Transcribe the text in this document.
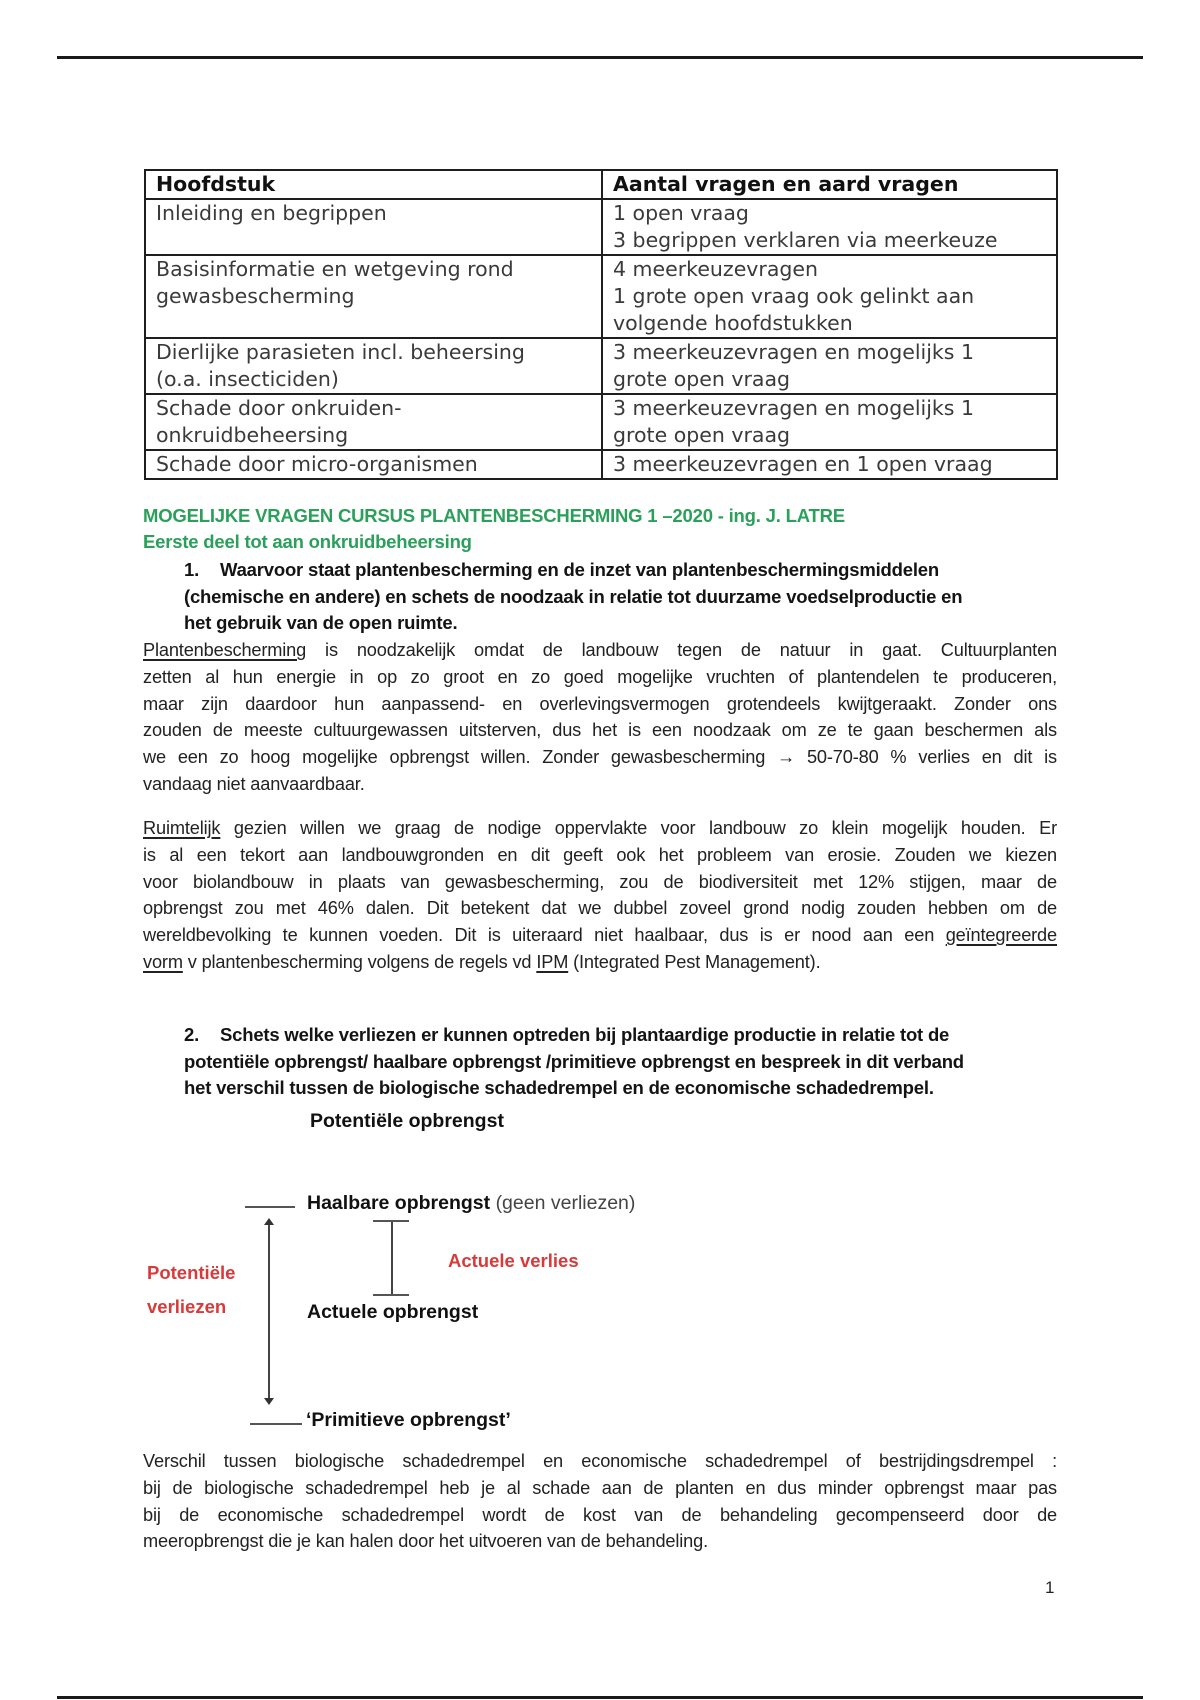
Hoofdstuk	Aantal vragen en aard vragen

Inleiding en begrippen	1 open vraag
3 begrippen verklaren via meerkeuze

Basisinformatie en wetgeving rond
gewasbescherming	4 meerkeuzevragen
1 grote open vraag ook gelinkt aan
volgende hoofdstukken

Dierlijke parasieten incl. beheersing
(o.a. insecticiden)	3 meerkeuzevragen en mogelijks 1
grote open vraag

Schade door onkruiden-
onkruidbeheersing	3 meerkeuzevragen en mogelijks 1
grote open vraag

Schade door micro-organismen	3 meerkeuzevragen en 1 open vraag
MOGELIJKE VRAGEN CURSUS PLANTENBESCHERMING 1 –2020 - ing. J. LATRE
Eerste deel tot aan onkruidbeheersing
1.	Waarvoor staat plantenbescherming en de inzet van plantenbeschermingsmiddelen
(chemische en andere) en schets de noodzaak in relatie tot duurzame voedselproductie en
het gebruik van de open ruimte.
Plantenbescherming is noodzakelijk omdat de landbouw tegen de natuur in gaat. Cultuurplanten
zetten al hun energie in op zo groot en zo goed mogelijke vruchten of plantendelen te produceren,
maar zijn daardoor hun aanpassend- en overlevingsvermogen grotendeels kwijtgeraakt. Zonder ons
zouden de meeste cultuurgewassen uitsterven, dus het is een noodzaak om ze te gaan beschermen als
we een zo hoog mogelijke opbrengst willen. Zonder gewasbescherming → 50-70-80 % verlies en dit is
vandaag niet aanvaardbaar.
Ruimtelijk gezien willen we graag de nodige oppervlakte voor landbouw zo klein mogelijk houden. Er
is al een tekort aan landbouwgronden en dit geeft ook het probleem van erosie. Zouden we kiezen
voor biolandbouw in plaats van gewasbescherming, zou de biodiversiteit met 12% stijgen, maar de
opbrengst zou met 46% dalen. Dit betekent dat we dubbel zoveel grond nodig zouden hebben om de
wereldbevolking te kunnen voeden. Dit is uiteraard niet haalbaar, dus is er nood aan een geïntegreerde
vorm v plantenbescherming volgens de regels vd IPM (Integrated Pest Management).
2.	Schets welke verliezen er kunnen optreden bij plantaardige productie in relatie tot de
potentiële opbrengst/ haalbare opbrengst /primitieve opbrengst en bespreek in dit verband
het verschil tussen de biologische schadedrempel en de economische schadedrempel.
Potentiële opbrengst
Haalbare opbrengst (geen verliezen)
Actuele verlies
Potentiële
verliezen	Actuele opbrengst
‘Primitieve opbrengst’
Verschil tussen biologische schadedrempel en economische schadedrempel of bestrijdingsdrempel :
bij de biologische schadedrempel heb je al schade aan de planten en dus minder opbrengst maar pas
bij de economische schadedrempel wordt de kost van de behandeling gecompenseerd door de
meeropbrengst die je kan halen door het uitvoeren van de behandeling.
1
